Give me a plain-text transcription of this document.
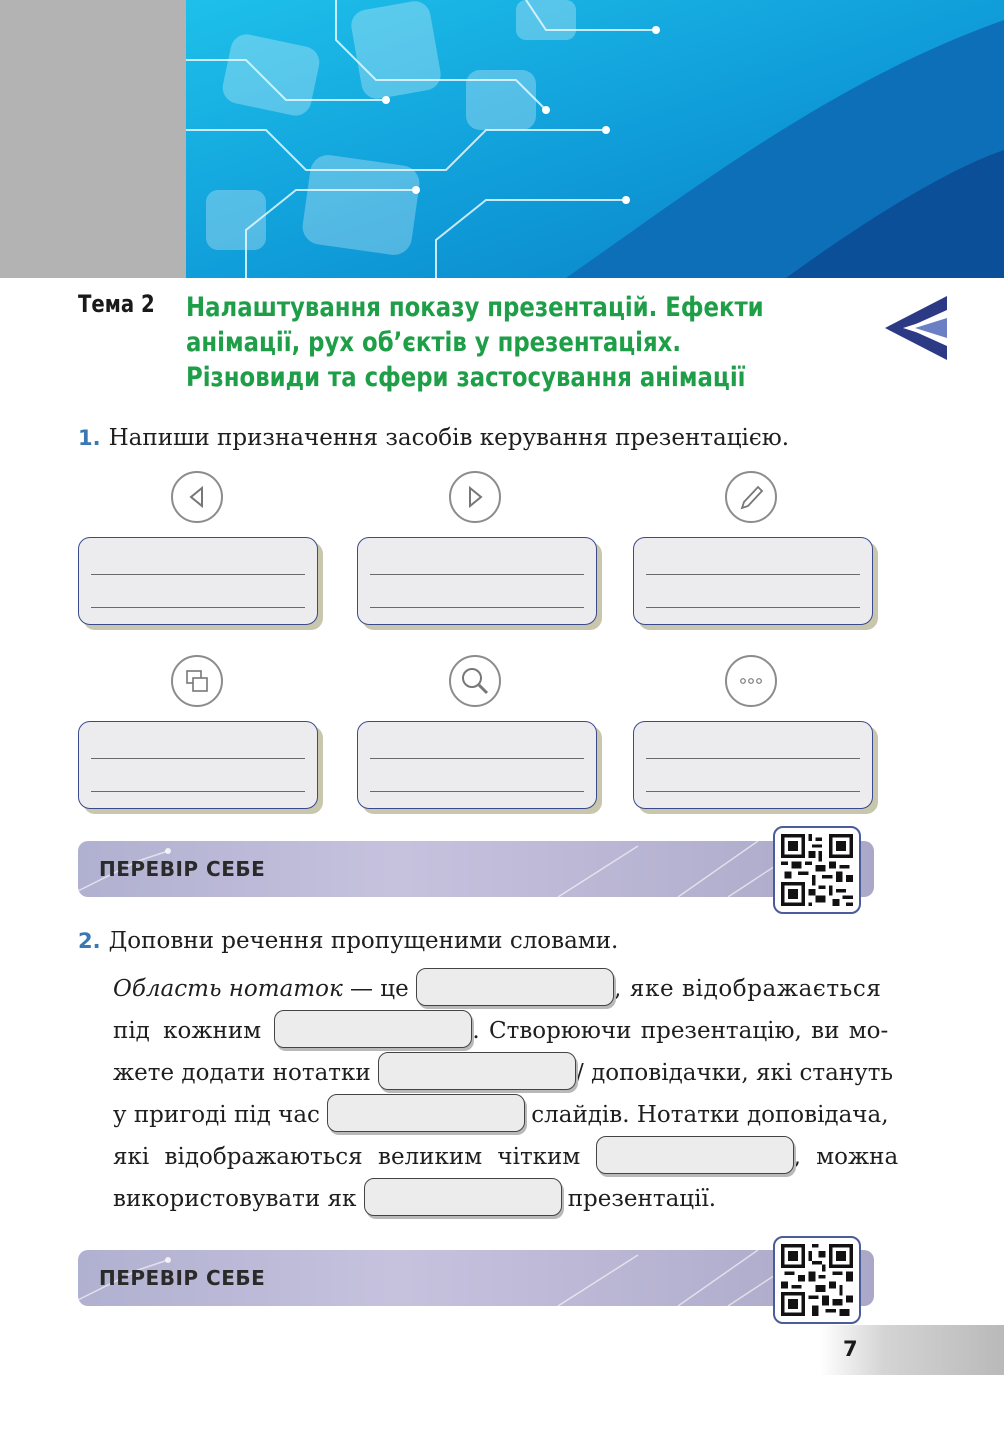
Тема 2 Налаштування показу презентацій. Ефекти
анімації, рух об’єктів у презентаціях.
Різновиди та сфери застосування анімації
1. Напиши призначення засобів керування презентацією.
ПЕРЕВІР СЕБЕ
2. Доповни речення пропущеними словами.
Область нотаток — це	, яке відображається
під кожним	. Створюючи презентацію, ви мо-
жете додати нотатки	/ доповідачки, які стануть
у пригоді під час	слайдів. Нотатки доповідача,
які відображаються великим чітким	, можна
використовувати як	презентації.
ПЕРЕВІР СЕБЕ
7
